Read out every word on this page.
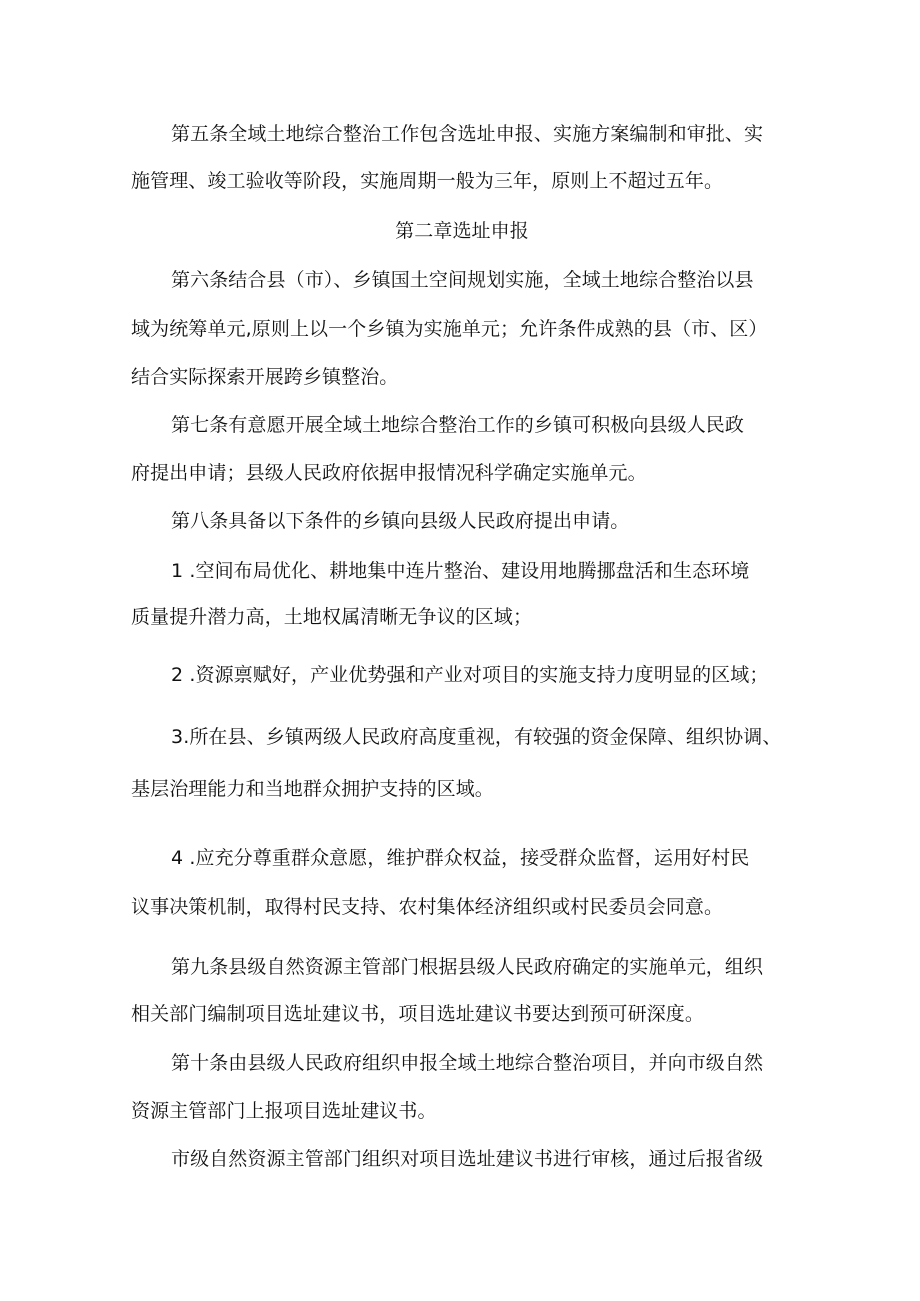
第五条全域土地综合整治工作包含选址申报、实施方案编制和审批、实
施管理、竣工验收等阶段，实施周期一般为三年，原则上不超过五年。
第二章选址申报
第六条结合县（市）、乡镇国土空间规划实施，全域土地综合整治以县
域为统筹单元,原则上以一个乡镇为实施单元；允许条件成熟的县（市、区）
结合实际探索开展跨乡镇整治。
第七条有意愿开展全域土地综合整治工作的乡镇可积极向县级人民政
府提出申请；县级人民政府依据申报情况科学确定实施单元。
第八条具备以下条件的乡镇向县级人民政府提出申请。
1 .空间布局优化、耕地集中连片整治、建设用地腾挪盘活和生态环境
质量提升潜力高，土地权属清晰无争议的区域；
2 .资源禀赋好，产业优势强和产业对项目的实施支持力度明显的区域；
3.所在县、乡镇两级人民政府高度重视，有较强的资金保障、组织协调、
基层治理能力和当地群众拥护支持的区域。
4 .应充分尊重群众意愿，维护群众权益，接受群众监督，运用好村民
议事决策机制，取得村民支持、农村集体经济组织或村民委员会同意。
第九条县级自然资源主管部门根据县级人民政府确定的实施单元，组织
相关部门编制项目选址建议书，项目选址建议书要达到预可研深度。
第十条由县级人民政府组织申报全域土地综合整治项目，并向市级自然
资源主管部门上报项目选址建议书。
市级自然资源主管部门组织对项目选址建议书进行审核，通过后报省级
